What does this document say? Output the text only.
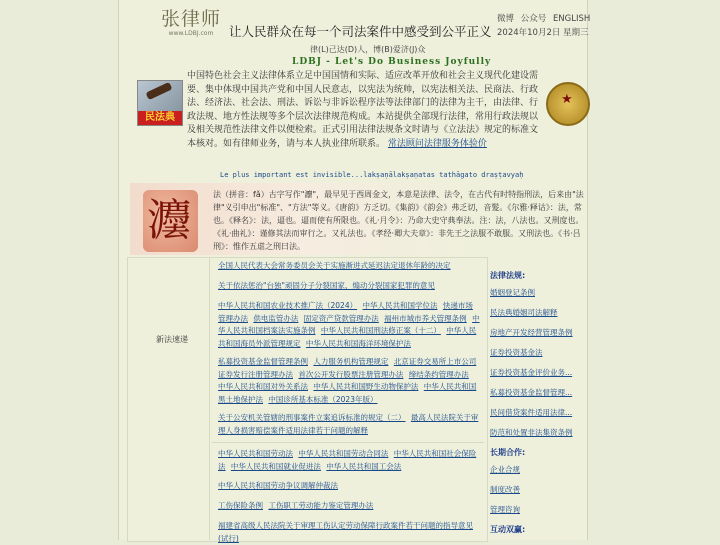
张律师
www.LDBJ.com	让人民群众在每一个司法案件中感受到公平正义
微博 公众号 ENGLISH
2024年10月2日 星期三
律(L)己达(D)人，博(B)爱济(J)众
LDBJ - Let's Do Business Joyfully
民法典
中国特色社会主义法律体系立足中国国情和实际、适应改革开放和社会主义现代化建设需要、集中体现中国共产党和中国人民意志，以宪法为统帅，以宪法相关法、民商法、行政法、经济法、社会法、刑法、诉讼与非诉讼程序法等法律部门的法律为主干，由法律、行政法规、地方性法规等多个层次法律规范构成。本站提供全部现行法律，常用行政法规以及相关规范性法律文件以便检索。正式引用法律法规条文时请与《立法法》规定的标准文本核对。如有律师业务，请与本人执业律所联系。 常法顾问法律服务体验价
★
Le plus important est invisible...lakṣaṇālakṣaṇatas tathāgato draṣṭavyaḥ
灋
法（拼音：fǎ）古字写作"灋"，最早见于西周金文，本意是法律、法令，在古代有时特指刑法，后来由"法律"义引申出"标准"、"方法"等义。《唐韵》方乏切。《集韵》《韵会》弗乏切，音髮。《尔雅·释诂》：法，常也。《释名》：法，逼也。逼而使有所限也。《礼·月令》：乃命大史守典奉法。注：法，八法也。又刑度也。《礼·曲礼》：谨修其法而审行之。又礼法也。《孝经·卿大夫章》：非先王之法服不敢服。又刑法也。《书·吕刑》：惟作五虐之刑曰法。
新法速递
全国人民代表大会常务委员会关于实施渐进式延迟法定退休年龄的决定
关于依法惩治"台独"顽固分子分裂国家、煽动分裂国家犯罪的意见
中华人民共和国农业技术推广法（2024） 中华人民共和国学位法 快递市场管理办法 供电监管办法 固定资产贷款管理办法 福州市城市养犬管理条例 中华人民共和国档案法实施条例 中华人民共和国刑法修正案（十二） 中华人民共和国海员外派管理规定 中华人民共和国海洋环境保护法
私募投资基金监督管理条例 人力服务机构管理规定 北京证券交易所上市公司证券发行注册管理办法 首次公开发行股票注册管理办法 缔结条约管理办法 中华人民共和国对外关系法 中华人民共和国野生动物保护法 中华人民共和国黑土地保护法 中国诊所基本标准（2023年版）
关于公安机关管辖的刑事案件立案追诉标准的规定（二） 最高人民法院关于审理人身损害赔偿案件适用法律若干问题的解释
中华人民共和国劳动法 中华人民共和国劳动合同法 中华人民共和国社会保险法 中华人民共和国就业促进法 中华人民共和国工会法
中华人民共和国劳动争议调解仲裁法
工伤保险条例 工伤职工劳动能力鉴定管理办法
福建省高级人民法院关于审理工伤认定劳动保障行政案件若干问题的指导意见(试行)
法律法规:
婚姻登记条例
民法典婚姻司法解释
房地产开发经营管理条例
证券投资基金法
证券投资基金评价业务...
私募投资基金监督管理...
民间借贷案件适用法律...
防范和处置非法集资条例
长期合作:
企业合规
制度改善
管理咨询
互动双赢:
